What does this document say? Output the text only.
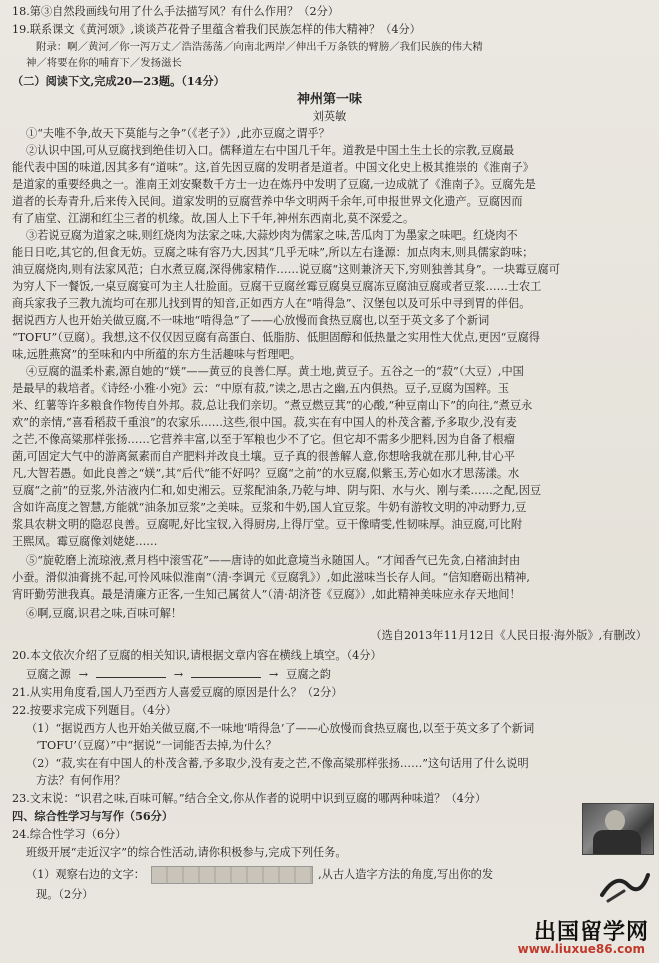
18.第③自然段画线句用了什么手法描写风？有什么作用？（2分）
19.联系课文《黄河颂》,谈谈芦花骨子里蕴含着我们民族怎样的伟大精神？（4分）
附录：啊／黄河／你一泻万丈／浩浩荡荡／向南北两岸／伸出千万条铁的臂膀／我们民族的伟大精
神／将要在你的哺育下／发扬滋长
（二）阅读下文,完成20—23题。（14分）
神州第一味
刘英敏
①“夫唯不争,故天下莫能与之争”（《老子》）,此亦豆腐之谓乎？
②认识中国,可从豆腐找到绝佳切入口。儒释道左右中国几千年。道教是中国土生土长的宗教,豆腐最
能代表中国的味道,因其多有“道味”。这,首先因豆腐的发明者是道者。中国文化史上极其推崇的《淮南子》
是道家的重要经典之一。淮南王刘安聚数千方士一边在炼丹中发明了豆腐,一边成就了《淮南子》。豆腐先是
道者的长寿青升,后来传入民间。道家发明的豆腐营养中华文明两千余年,可申报世界文化遗产。豆腐因而
有了庙堂、江湖和红尘三者的机缘。故,国人上下千年,神州东西南北,莫不深爱之。
③若说豆腐为道家之味,则红烧肉为法家之味,大蒜炒肉为儒家之味,苦瓜肉丁为墨家之味吧。红烧肉不
能日日吃,其它的,但食无妨。豆腐之味有容乃大,因其“几乎无味”,所以左右逢源：加点肉末,则具儒家韵味；
油豆腐烧肉,则有法家风范；白水煮豆腐,深得佛家精作……说豆腐“这则兼济天下,穷则独善其身”。一块霉豆腐可
为穷人下一餐饭,一桌豆腐宴可为主人壮脸面。豆腐干豆腐丝霉豆腐臭豆腐冻豆腐油豆腐或者豆浆……士农工
商兵家我子三教九流均可在那儿找到胃的知音,正如西方人在“啃得急”、汉堡包以及可乐中寻到胃的伴侣。
据说西方人也开始关做豆腐,不一味地“啃得急”了——心放慢而食热豆腐也,以至于英文多了个新词
“TOFU”（豆腐）。我想,这不仅仅因豆腐有高蛋白、低脂肪、低胆固醇和低热量之实用性大优点,更因“豆腐得
味,远胜燕窝”的至味和内中所蕴的东方生活趣味与哲理吧。
④豆腐的温柔朴素,源自她的“媄”——黄豆的良善仁厚。黄土地,黄豆子。五谷之一的“菽”（大豆）,中国
是最早的栽培者。《诗经·小雅·小宛》云：“中原有菽,”读之,思古之幽,五内俱热。豆子,豆腐为国粹。玉
米、红薯等许多粮食作物传自外邦。菽,总让我们亲切。“煮豆燃豆萁”的心酸,“种豆南山下”的向往,“煮豆永
欢”的亲情,“喜看稻菽千重浪”的农家乐……这些,很中国。菽,实在有中国人的朴茂含蓄,予多取少,没有麦
之芒,不像高粱那样张扬……它营养丰富,以至于军粮也少不了它。但它却不需多少肥料,因为自备了根瘤
菌,可固定大气中的游离氮素而自产肥料并改良土壤。豆子真的很善解人意,你想啥我就在那儿种,甘心平
凡,大智若愚。如此良善之“媄”,其“后代”能不好吗？豆腐“之前”的水豆腐,似紫玉,芳心如水才思荡漾。水
豆腐“之前”的豆浆,外洁液内仁和,如史湘云。豆浆配油条,乃乾与坤、阴与阳、水与火、刚与柔……之配,因豆
含如许高度之智慧,方能就“油条加豆浆”之美味。豆浆和牛奶,国人宜豆浆。牛奶有游牧文明的冲动野力,豆
浆具农耕文明的隐忍良善。豆腐呢,好比宝钗,入得厨房,上得厅堂。豆干像晴雯,性韧味厚。油豆腐,可比附
王熙凤。霉豆腐像刘姥姥……
⑤“旋乾磨上流琼液,煮月档中滚雪花”——唐诗的如此意境当永随国人。“才闻香气已先贪,白褚油封由
小蚕。滑似油膏挑不起,可怜风味似淮南”（清·李调元《豆腐乳》）,如此滋味当长存人间。“信知磨砺出精神,
宵旰勤劳泄我真。最是清廉方正客,一生知己属贫人”（清·胡济苍《豆腐》）,如此精神美味应永存天地间！
⑥啊,豆腐,识君之味,百味可解！
（选自2013年11月12日《人民日报·海外版》,有删改）
20.本文依次介绍了豆腐的相关知识,请根据文章内容在横线上填空。（4分）
豆腐之源 →	→	→ 豆腐之韵
21.从实用角度看,国人乃至西方人喜爱豆腐的原因是什么？（2分）
22.按要求完成下列题目。（4分）
（1）“据说西方人也开始关做豆腐,不一味地‘啃得急’了——心放慢而食热豆腐也,以至于英文多了个新词
‘TOFU’（豆腐）”中“据说”一词能否去掉,为什么？
（2）“菽,实在有中国人的朴茂含蓄,予多取少,没有麦之芒,不像高粱那样张扬……”这句话用了什么说明
方法？有何作用？
23.文末说：“识君之味,百味可解。”结合全文,你从作者的说明中识到豆腐的哪两种味道？（4分）
四、综合性学习与写作（56分）
24.综合性学习（6分）
班级开展“走近汉字”的综合性活动,请你积极参与,完成下列任务。
（1）观察右边的文字：	,从古人造字方法的角度,写出你的发
现。（2分）
出国留学网
www.liuxue86.com
